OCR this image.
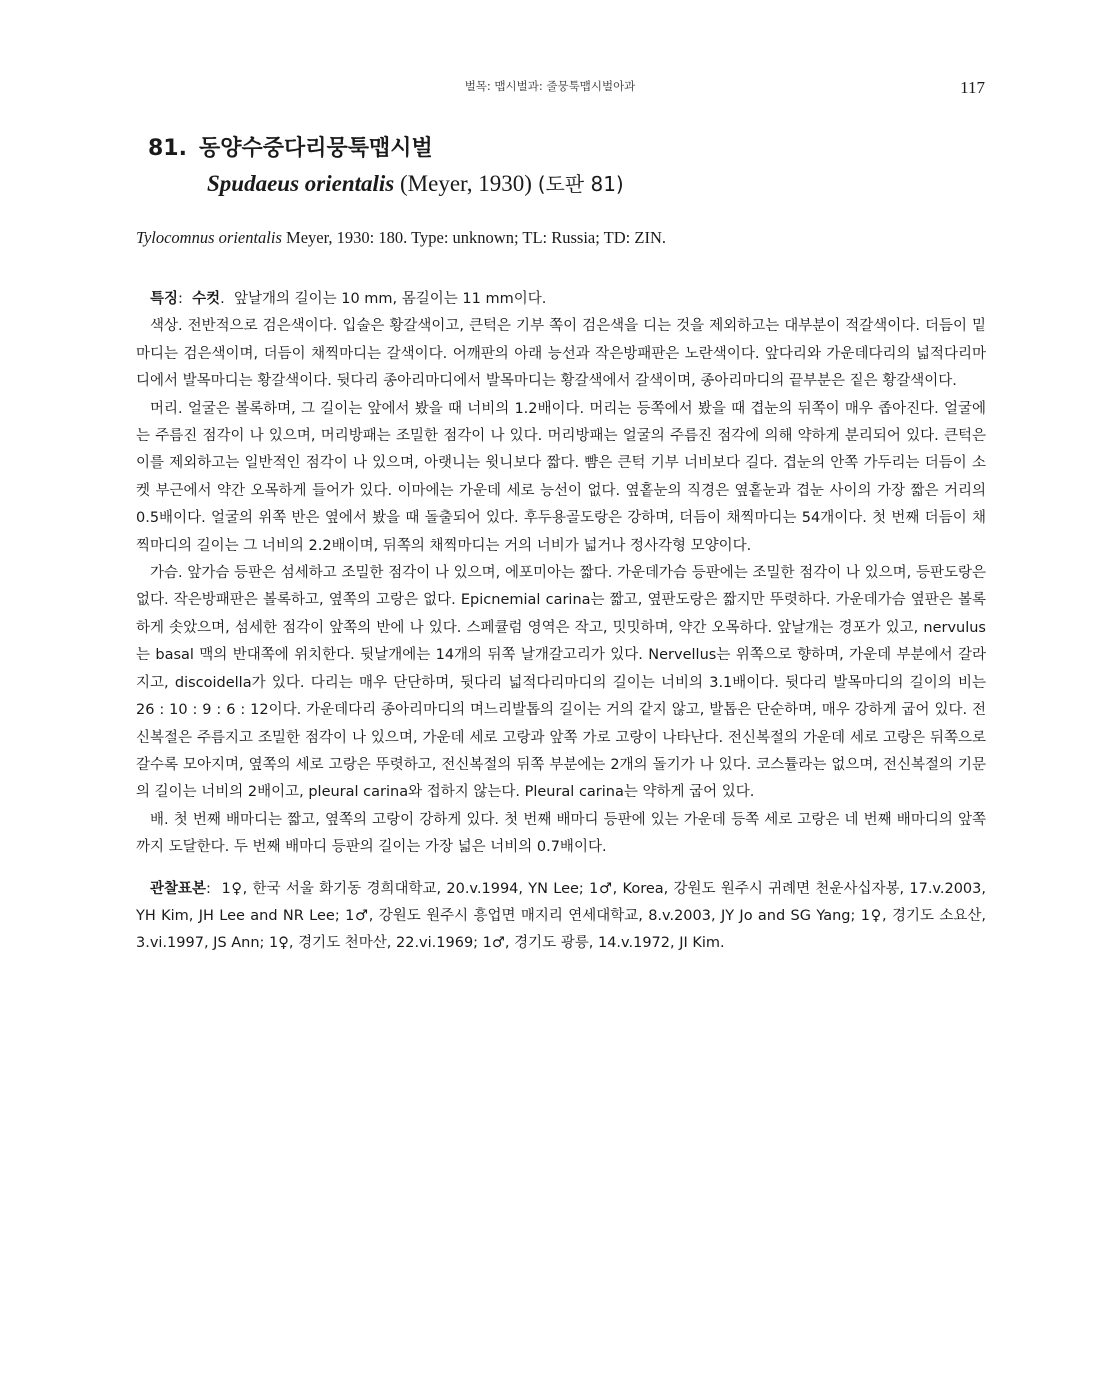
벌목: 맵시벌과: 줄뭉툭맵시벌아과	117
81. 동양수중다리뭉툭맵시벌
Spudaeus orientalis (Meyer, 1930) (도판 81)
Tylocomnus orientalis Meyer, 1930: 180. Type: unknown; TL: Russia; TD: ZIN.

특징:  수컷.  앞날개의 길이는 10 mm, 몸길이는 11 mm이다.

색상. 전반적으로 검은색이다. 입술은 황갈색이고, 큰턱은 기부 쪽이 검은색을 디는 것을 제외하고는 대부분이 적갈색이다. 더듬이 밑마디는 검은색이며, 더듬이 채찍마디는 갈색이다. 어깨판의 아래 능선과 작은방패판은 노란색이다. 앞다리와 가운데다리의 넓적다리마디에서 발목마디는 황갈색이다. 뒷다리 종아리마디에서 발목마디는 황갈색에서 갈색이며, 종아리마디의 끝부분은 짙은 황갈색이다.

머리. 얼굴은 볼록하며, 그 길이는 앞에서 봤을 때 너비의 1.2배이다. 머리는 등쪽에서 봤을 때 겹눈의 뒤쪽이 매우 좁아진다. 얼굴에는 주름진 점각이 나 있으며, 머리방패는 조밀한 점각이 나 있다. 머리방패는 얼굴의 주름진 점각에 의해 약하게 분리되어 있다. 큰턱은 이를 제외하고는 일반적인 점각이 나 있으며, 아랫니는 윗니보다 짧다. 뺨은 큰턱 기부 너비보다 길다. 겹눈의 안쪽 가두리는 더듬이 소켓 부근에서 약간 오목하게 들어가 있다. 이마에는 가운데 세로 능선이 없다. 옆홑눈의 직경은 옆홑눈과 겹눈 사이의 가장 짧은 거리의 0.5배이다. 얼굴의 위쪽 반은 옆에서 봤을 때 돌출되어 있다. 후두용골도랑은 강하며, 더듬이 채찍마디는 54개이다. 첫 번째 더듬이 채찍마디의 길이는 그 너비의 2.2배이며, 뒤쪽의 채찍마디는 거의 너비가 넓거나 정사각형 모양이다.

가슴. 앞가슴 등판은 섬세하고 조밀한 점각이 나 있으며, 에포미아는 짧다. 가운데가슴 등판에는 조밀한 점각이 나 있으며, 등판도랑은 없다. 작은방패판은 볼록하고, 옆쪽의 고랑은 없다. Epicnemial carina는 짧고, 옆판도랑은 짧지만 뚜렷하다. 가운데가슴 옆판은 볼록하게 솟았으며, 섬세한 점각이 앞쪽의 반에 나 있다. 스페큘럼 영역은 작고, 밋밋하며, 약간 오목하다. 앞날개는 경포가 있고, nervulus는 basal 맥의 반대쪽에 위치한다. 뒷날개에는 14개의 뒤쪽 날개갈고리가 있다. Nervellus는 위쪽으로 향하며, 가운데 부분에서 갈라지고, discoidella가 있다. 다리는 매우 단단하며, 뒷다리 넓적다리마디의 길이는 너비의 3.1배이다. 뒷다리 발목마디의 길이의 비는 26 : 10 : 9 : 6 : 12이다. 가운데다리 종아리마디의 며느리발톱의 길이는 거의 같지 않고, 발톱은 단순하며, 매우 강하게 굽어 있다. 전신복절은 주름지고 조밀한 점각이 나 있으며, 가운데 세로 고랑과 앞쪽 가로 고랑이 나타난다. 전신복절의 가운데 세로 고랑은 뒤쪽으로 갈수록 모아지며, 옆쪽의 세로 고랑은 뚜렷하고, 전신복절의 뒤쪽 부분에는 2개의 돌기가 나 있다. 코스튤라는 없으며, 전신복절의 기문의 길이는 너비의 2배이고, pleural carina와 접하지 않는다. Pleural carina는 약하게 굽어 있다.

배. 첫 번째 배마디는 짧고, 옆쪽의 고랑이 강하게 있다. 첫 번째 배마디 등판에 있는 가운데 등쪽 세로 고랑은 네 번째 배마디의 앞쪽까지 도달한다. 두 번째 배마디 등판의 길이는 가장 넓은 너비의 0.7배이다.

관찰표본:  1♀, 한국 서울 화기동 경희대학교, 20.v.1994, YN Lee; 1♂, Korea, 강원도 원주시 귀례면 천운사십자봉, 17.v.2003, YH Kim, JH Lee and NR Lee; 1♂, 강원도 원주시 흥업면 매지리 연세대학교, 8.v.2003, JY Jo and SG Yang; 1♀, 경기도 소요산, 3.vi.1997, JS Ann; 1♀, 경기도 천마산, 22.vi.1969; 1♂, 경기도 광릉, 14.v.1972, JI Kim.
